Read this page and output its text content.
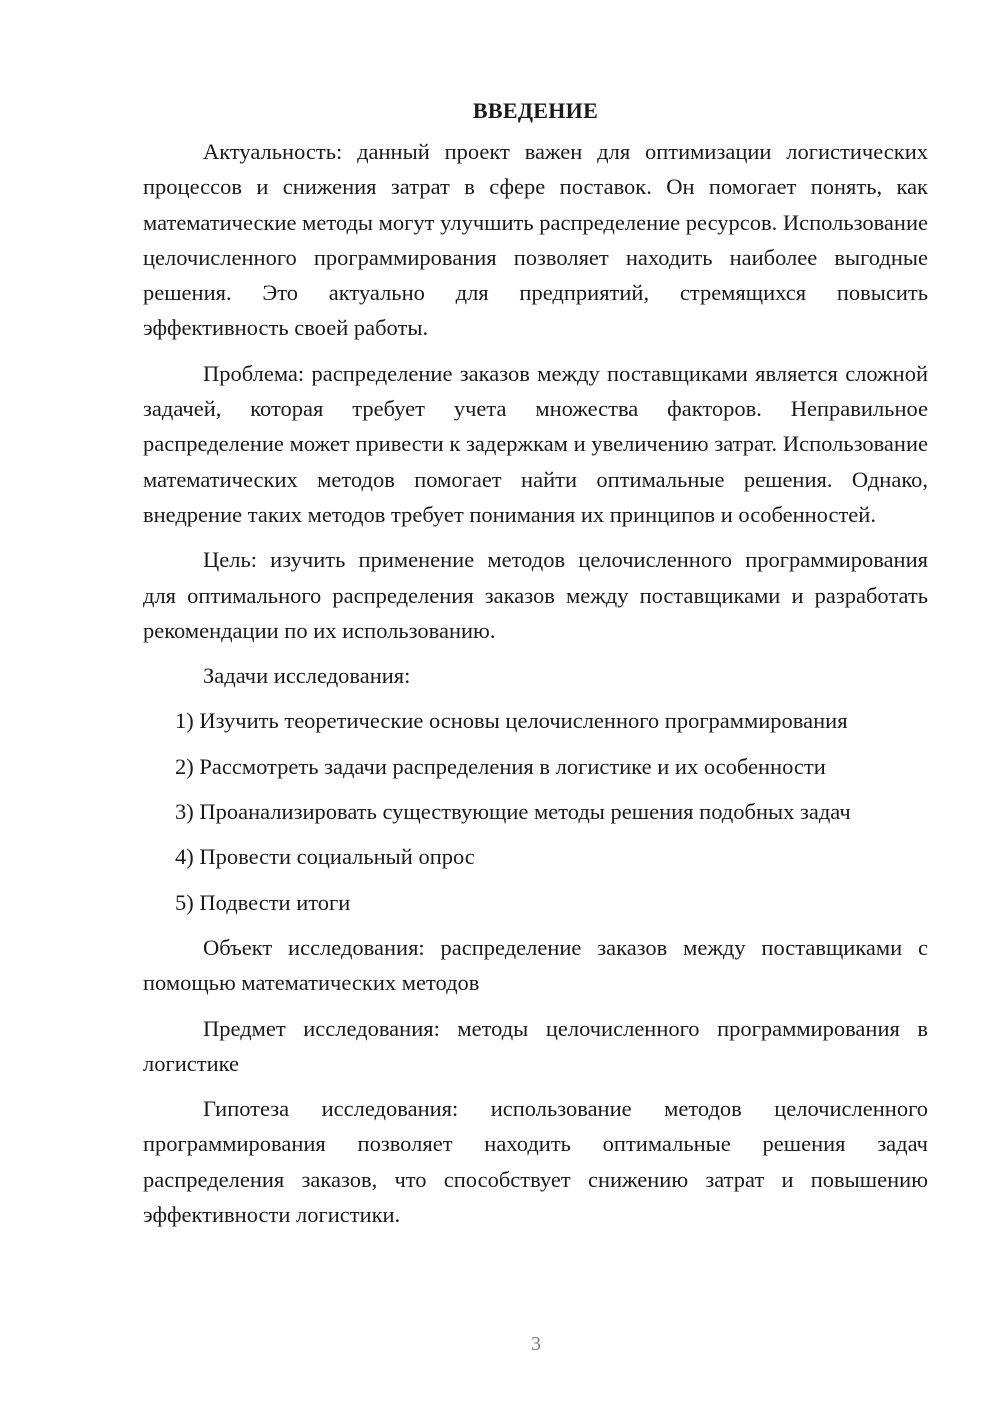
ВВЕДЕНИЕ

Актуальность: данный проект важен для оптимизации логистических процессов и снижения затрат в сфере поставок. Он помогает понять, как математические методы могут улучшить распределение ресурсов. Использование целочисленного программирования позволяет находить наиболее выгодные решения. Это актуально для предприятий, стремящихся повысить эффективность своей работы.

Проблема: распределение заказов между поставщиками является сложной задачей, которая требует учета множества факторов. Неправильное распределение может привести к задержкам и увеличению затрат. Использование математических методов помогает найти оптимальные решения. Однако, внедрение таких методов требует понимания их принципов и особенностей.

Цель: изучить применение методов целочисленного программирования для оптимального распределения заказов между поставщиками и разработать рекомендации по их использованию.

Задачи исследования:

1) Изучить теоретические основы целочисленного программирования
2) Рассмотреть задачи распределения в логистике и их особенности
3) Проанализировать существующие методы решения подобных задач
4) Провести социальный опрос
5) Подвести итоги

Объект исследования: распределение заказов между поставщиками с помощью математических методов

Предмет исследования: методы целочисленного программирования в логистике

Гипотеза исследования: использование методов целочисленного программирования позволяет находить оптимальные решения задач распределения заказов, что способствует снижению затрат и повышению эффективности логистики.

3
